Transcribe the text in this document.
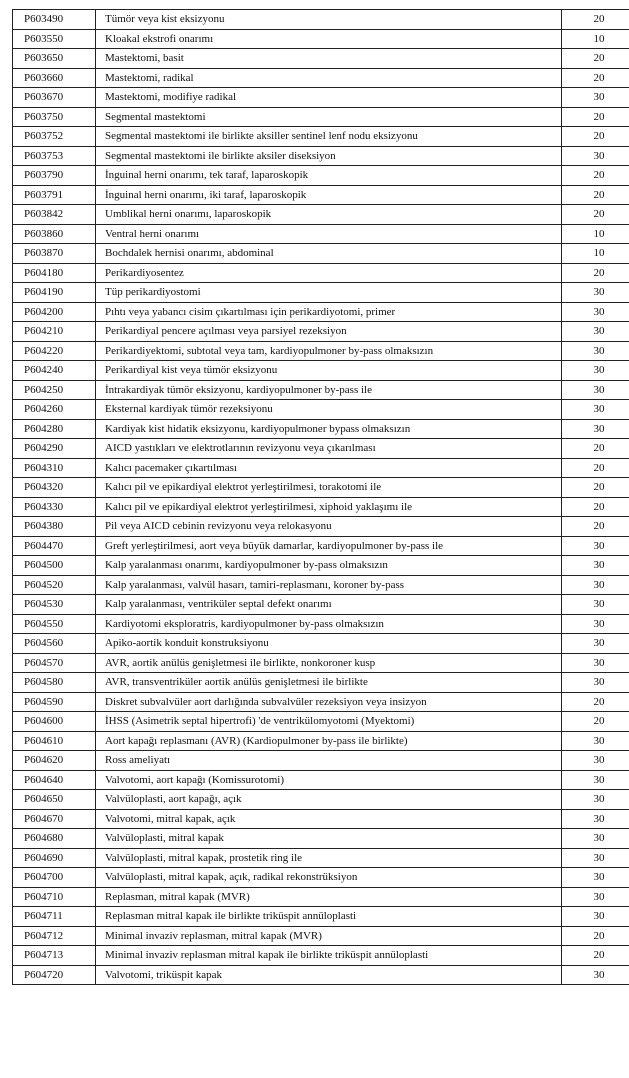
P603490	Tümör veya kist eksizyonu	20
P603550	Kloakal ekstrofi onarımı	10
P603650	Mastektomi, basit	20
P603660	Mastektomi, radikal	20
P603670	Mastektomi, modifiye radikal	30
P603750	Segmental mastektomi	20
P603752	Segmental mastektomi ile birlikte aksiller sentinel lenf nodu eksizyonu	20
P603753	Segmental mastektomi ile birlikte aksiler diseksiyon	30
P603790	İnguinal herni onarımı, tek taraf, laparoskopik	20
P603791	İnguinal herni onarımı, iki taraf, laparoskopik	20
P603842	Umblikal herni onarımı, laparoskopik	20
P603860	Ventral herni onarımı	10
P603870	Bochdalek hernisi onarımı, abdominal	10
P604180	Perikardiyosentez	20
P604190	Tüp perikardiyostomi	30
P604200	Pıhtı veya yabancı cisim çıkartılması için perikardiyotomi, primer	30
P604210	Perikardiyal pencere açılması veya parsiyel rezeksiyon	30
P604220	Perikardiyektomi, subtotal veya tam, kardiyopulmoner by-pass olmaksızın	30
P604240	Perikardiyal kist veya tümör eksizyonu	30
P604250	İntrakardiyak tümör eksizyonu, kardiyopulmoner by-pass ile	30
P604260	Eksternal kardiyak tümör rezeksiyonu	30
P604280	Kardiyak kist hidatik eksizyonu, kardiyopulmoner bypass olmaksızın	30
P604290	AICD yastıkları ve elektrotlarının revizyonu veya çıkarılması	20
P604310	Kalıcı pacemaker çıkartılması	20
P604320	Kalıcı pil ve epikardiyal elektrot yerleştirilmesi, torakotomi ile	20
P604330	Kalıcı pil ve epikardiyal elektrot yerleştirilmesi, xiphoid yaklaşımı ile	20
P604380	Pil veya AICD cebinin revizyonu veya relokasyonu	20
P604470	Greft yerleştirilmesi, aort veya büyük damarlar, kardiyopulmoner by-pass ile	30
P604500	Kalp yaralanması onarımı, kardiyopulmoner by-pass olmaksızın	30
P604520	Kalp yaralanması, valvül hasarı, tamiri-replasmanı, koroner by-pass	30
P604530	Kalp yaralanması, ventriküler septal defekt onarımı	30
P604550	Kardiyotomi eksploratris, kardiyopulmoner by-pass olmaksızın	30
P604560	Apiko-aortik konduit konstruksiyonu	30
P604570	AVR, aortik anülüs genişletmesi ile birlikte, nonkoroner kusp	30
P604580	AVR, transventriküler aortik anülüs genişletmesi ile birlikte	30
P604590	Diskret subvalvüler aort darlığında subvalvüler rezeksiyon veya insizyon	20
P604600	İHSS (Asimetrik septal hipertrofi) 'de ventrikülomyotomi (Myektomi)	20
P604610	Aort kapağı replasmanı (AVR) (Kardiopulmoner by-pass ile birlikte)	30
P604620	Ross ameliyatı	30
P604640	Valvotomi, aort kapağı (Komissurotomi)	30
P604650	Valvüloplasti, aort kapağı, açık	30
P604670	Valvotomi, mitral kapak, açık	30
P604680	Valvüloplasti, mitral kapak	30
P604690	Valvüloplasti, mitral kapak, prostetik ring ile	30
P604700	Valvüloplasti, mitral kapak, açık, radikal rekonstrüksiyon	30
P604710	Replasman, mitral kapak (MVR)	30
P604711	Replasman mitral kapak ile birlikte triküspit annüloplasti	30
P604712	Minimal invaziv replasman, mitral kapak (MVR)	20
P604713	Minimal invaziv replasman mitral kapak ile birlikte triküspit annüloplasti	20
P604720	Valvotomi, triküspit kapak	30
